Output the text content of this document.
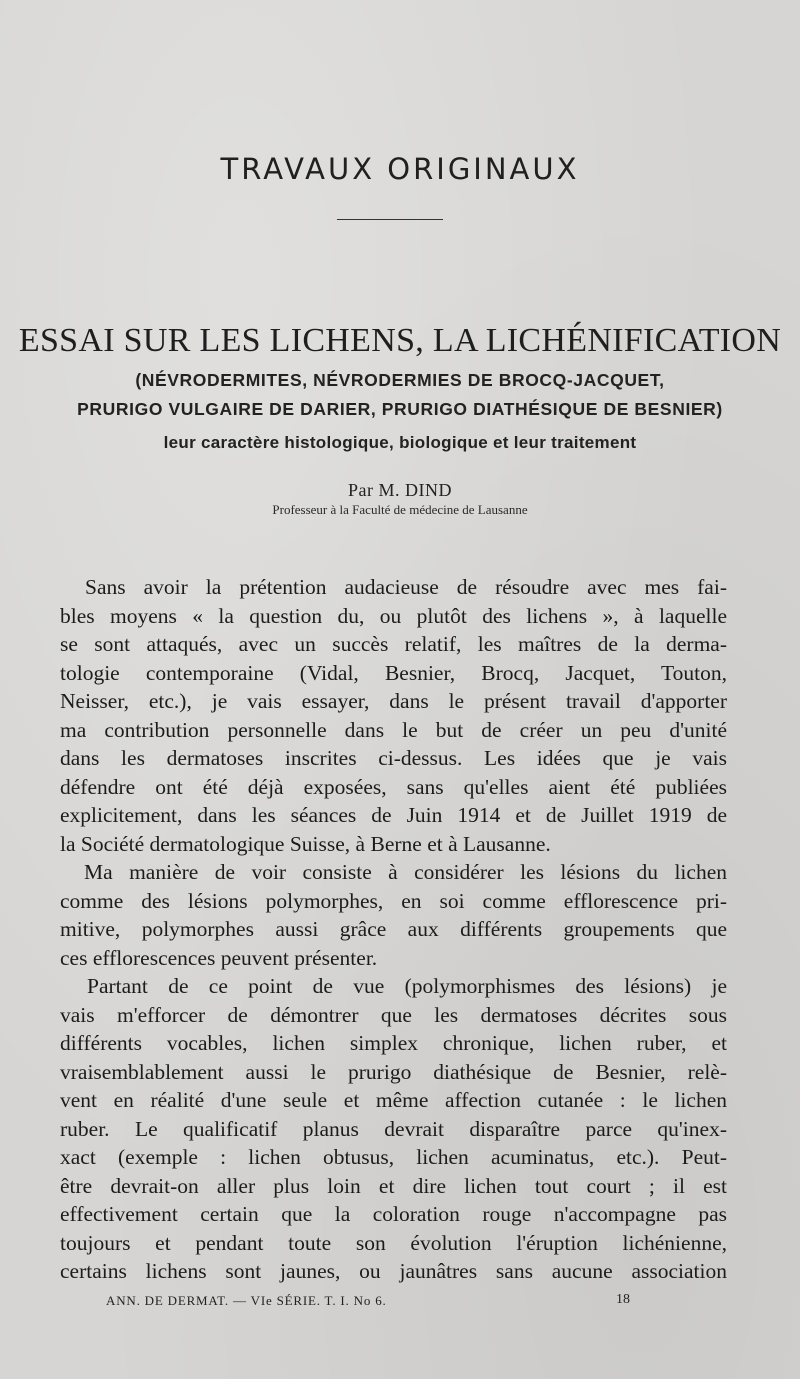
TRAVAUX ORIGINAUX
ESSAI SUR LES LICHENS, LA LICHÉNIFICATION
(NÉVRODERMITES, NÉVRODERMIES DE BROCQ-JACQUET,
PRURIGO VULGAIRE DE DARIER, PRURIGO DIATHÉSIQUE DE BESNIER)
leur caractère histologique, biologique et leur traitement
Par M. DIND
Professeur à la Faculté de médecine de Lausanne
Sans avoir la prétention audacieuse de résoudre avec mes fai-
bles moyens « la question du, ou plutôt des lichens », à laquelle
se sont attaqués, avec un succès relatif, les maîtres de la derma-
tologie contemporaine (Vidal, Besnier, Brocq, Jacquet, Touton,
Neisser, etc.), je vais essayer, dans le présent travail d'apporter
ma contribution personnelle dans le but de créer un peu d'unité
dans les dermatoses inscrites ci-dessus. Les idées que je vais
défendre ont été déjà exposées, sans qu'elles aient été publiées
explicitement, dans les séances de Juin 1914 et de Juillet 1919 de
la Société dermatologique Suisse, à Berne et à Lausanne.
Ma manière de voir consiste à considérer les lésions du lichen
comme des lésions polymorphes, en soi comme efflorescence pri-
mitive, polymorphes aussi grâce aux différents groupements que
ces efflorescences peuvent présenter.
Partant de ce point de vue (polymorphismes des lésions) je
vais m'efforcer de démontrer que les dermatoses décrites sous
différents vocables, lichen simplex chronique, lichen ruber, et
vraisemblablement aussi le prurigo diathésique de Besnier, relè-
vent en réalité d'une seule et même affection cutanée : le lichen
ruber. Le qualificatif planus devrait disparaître parce qu'inex-
xact (exemple : lichen obtusus, lichen acuminatus, etc.). Peut-
être devrait-on aller plus loin et dire lichen tout court ; il est
effectivement certain que la coloration rouge n'accompagne pas
toujours et pendant toute son évolution l'éruption lichénienne,
certains lichens sont jaunes, ou jaunâtres sans aucune association
ANN. DE DERMAT. — VIe SÉRIE. T. I. No 6.	18
